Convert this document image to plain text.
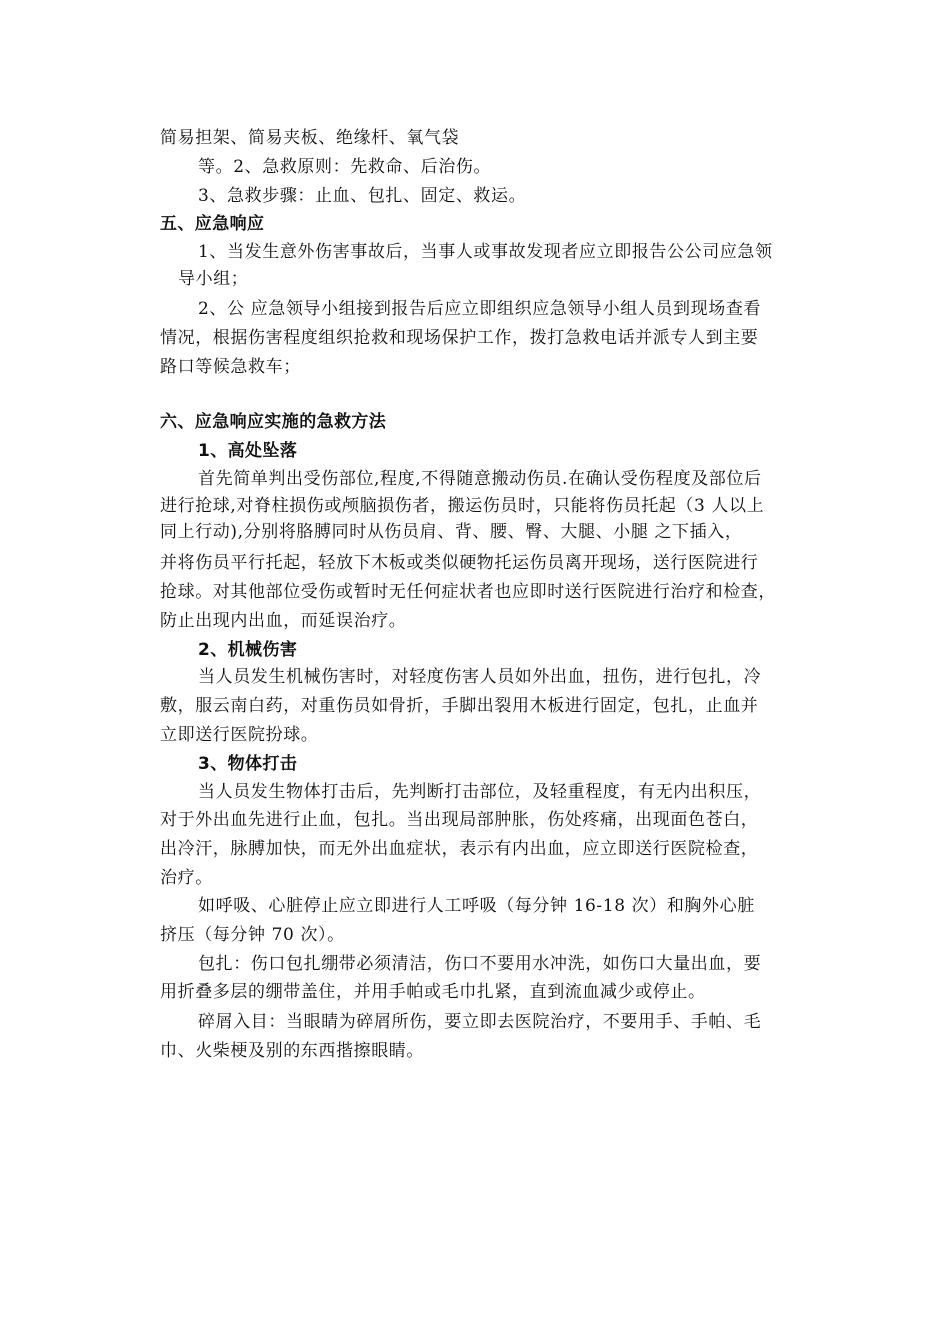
简易担架、简易夹板、绝缘杆、氧气袋
等。2、急救原则：先救命、后治伤。
3、急救步骤：止血、包扎、固定、救运。
五、应急响应
1、当发生意外伤害事故后，当事人或事故发现者应立即报告公公司应急领
导小组；
2、公 应急领导小组接到报告后应立即组织应急领导小组人员到现场查看
情况，根据伤害程度组织抢救和现场保护工作，拨打急救电话并派专人到主要
路口等候急救车；
六、应急响应实施的急救方法
1、高处坠落
首先简单判出受伤部位,程度,不得随意搬动伤员.在确认受伤程度及部位后
进行抢球,对脊柱损伤或颅脑损伤者，搬运伤员时，只能将伤员托起（3 人以上
同上行动),分别将胳膊同时从伤员肩、背、腰、臀、大腿、小腿 之下插入，
并将伤员平行托起，轻放下木板或类似硬物托运伤员离开现场，送行医院进行
抢球。对其他部位受伤或暂时无任何症状者也应即时送行医院进行治疗和检查，
防止出现内出血，而延误治疗。
2、机械伤害
当人员发生机械伤害时，对轻度伤害人员如外出血，扭伤，进行包扎，冷
敷，服云南白药，对重伤员如骨折，手脚出裂用木板进行固定，包扎，止血并
立即送行医院扮球。
3、物体打击
当人员发生物体打击后，先判断打击部位，及轻重程度，有无内出积压，
对于外出血先进行止血，包扎。当出现局部肿胀，伤处疼痛，出现面色苍白，
出冷汗，脉膊加快，而无外出血症状，表示有内出血，应立即送行医院检查，
治疗。
如呼吸、心脏停止应立即进行人工呼吸（每分钟 16-18 次）和胸外心脏
挤压（每分钟 70 次）。
包扎：伤口包扎绷带必须清洁，伤口不要用水冲洗，如伤口大量出血，要
用折叠多层的绷带盖住，并用手帕或毛巾扎紧，直到流血减少或停止。
碎屑入目：当眼睛为碎屑所伤，要立即去医院治疗，不要用手、手帕、毛
巾、火柴梗及别的东西揩擦眼睛。
